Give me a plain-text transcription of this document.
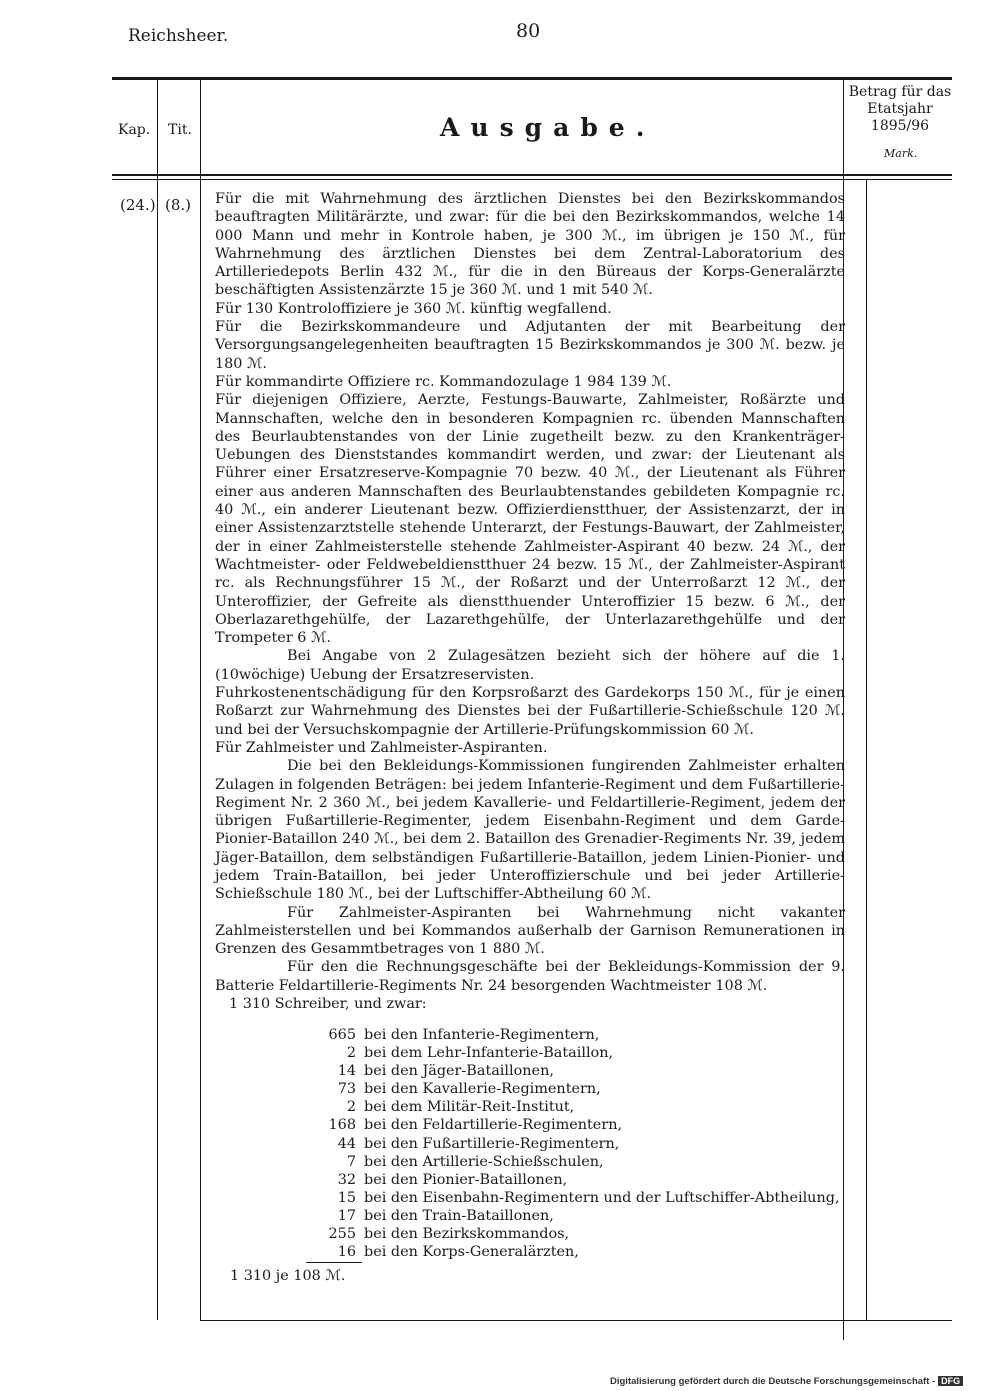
Reichsheer.	80
Kap. Tit.	Ausgabe.
Betrag für das Etatsjahr 1895/96
Mark.
(24.) (8.) Für die mit Wahrnehmung des ärztlichen Dienstes bei den Bezirkskommandos beauftragten Militärärzte, und zwar: für die bei den Bezirkskommandos, welche 14 000 Mann und mehr in Kontrole haben, je 300 ℳ., im übrigen je 150 ℳ., für Wahrnehmung des ärztlichen Dienstes bei dem Zentral-Laboratorium des Artilleriedepots Berlin 432 ℳ., für die in den Büreaus der Korps-Generalärzte beschäftigten Assistenzärzte 15 je 360 ℳ. und 1 mit 540 ℳ.

Für 130 Kontroloffiziere je 360 ℳ. künftig wegfallend.

Für die Bezirkskommandeure und Adjutanten der mit Bearbeitung der Versorgungsangelegenheiten beauftragten 15 Bezirkskommandos je 300 ℳ. bezw. je 180 ℳ.

Für kommandirte Offiziere rc. Kommandozulage 1 984 139 ℳ.

Für diejenigen Offiziere, Aerzte, Festungs-Bauwarte, Zahlmeister, Roßärzte und Mannschaften, welche den in besonderen Kompagnien rc. übenden Mannschaften des Beurlaubtenstandes von der Linie zugetheilt bezw. zu den Krankenträger-Uebungen des Dienststandes kommandirt werden, und zwar: der Lieutenant als Führer einer Ersatzreserve-Kompagnie 70 bezw. 40 ℳ., der Lieutenant als Führer einer aus anderen Mannschaften des Beurlaubtenstandes gebildeten Kompagnie rc. 40 ℳ., ein anderer Lieutenant bezw. Offizierdienstthuer, der Assistenzarzt, der in einer Assistenzarztstelle stehende Unterarzt, der Festungs-Bauwart, der Zahlmeister, der in einer Zahlmeisterstelle stehende Zahlmeister-Aspirant 40 bezw. 24 ℳ., der Wachtmeister- oder Feldwebeldienstthuer 24 bezw. 15 ℳ., der Zahlmeister-Aspirant rc. als Rechnungsführer 15 ℳ., der Roßarzt und der Unterroßarzt 12 ℳ., der Unteroffizier, der Gefreite als dienstthuender Unteroffizier 15 bezw. 6 ℳ., der Oberlazarethgehülfe, der Lazarethgehülfe, der Unterlazarethgehülfe und der Trompeter 6 ℳ.

Bei Angabe von 2 Zulagesätzen bezieht sich der höhere auf die 1. (10wöchige) Uebung der Ersatzreservisten.

Fuhrkostenentschädigung für den Korpsroßarzt des Gardekorps 150 ℳ., für je einen Roßarzt zur Wahrnehmung des Dienstes bei der Fußartillerie-Schießschule 120 ℳ. und bei der Versuchskompagnie der Artillerie-Prüfungskommission 60 ℳ.

Für Zahlmeister und Zahlmeister-Aspiranten.

Die bei den Bekleidungs-Kommissionen fungirenden Zahlmeister erhalten Zulagen in folgenden Beträgen: bei jedem Infanterie-Regiment und dem Fußartillerie-Regiment Nr. 2 360 ℳ., bei jedem Kavallerie- und Feldartillerie-Regiment, jedem der übrigen Fußartillerie-Regimenter, jedem Eisenbahn-Regiment und dem Garde-Pionier-Bataillon 240 ℳ., bei dem 2. Bataillon des Grenadier-Regiments Nr. 39, jedem Jäger-Bataillon, dem selbständigen Fußartillerie-Bataillon, jedem Linien-Pionier- und jedem Train-Bataillon, bei jeder Unteroffizierschule und bei jeder Artillerie-Schießschule 180 ℳ., bei der Luftschiffer-Abtheilung 60 ℳ.

Für Zahlmeister-Aspiranten bei Wahrnehmung nicht vakanter Zahlmeisterstellen und bei Kommandos außerhalb der Garnison Remunerationen in Grenzen des Gesammtbetrages von 1 880 ℳ.

Für den die Rechnungsgeschäfte bei der Bekleidungs-Kommission der 9. Batterie Feldartillerie-Regiments Nr. 24 besorgenden Wachtmeister 108 ℳ.

1 310 Schreiber, und zwar:

665 bei den Infanterie-Regimentern,
2 bei dem Lehr-Infanterie-Bataillon,
14 bei den Jäger-Bataillonen,
73 bei den Kavallerie-Regimentern,
2 bei dem Militär-Reit-Institut,
168 bei den Feldartillerie-Regimentern,
44 bei den Fußartillerie-Regimentern,
7 bei den Artillerie-Schießschulen,
32 bei den Pionier-Bataillonen,
15 bei den Eisenbahn-Regimentern und der Luftschiffer-Abtheilung,
17 bei den Train-Bataillonen,
255 bei den Bezirkskommandos,
16 bei den Korps-Generalärzten,
1 310 je 108 ℳ.
Digitalisierung gefördert durch die Deutsche Forschungsgemeinschaft - DFG
